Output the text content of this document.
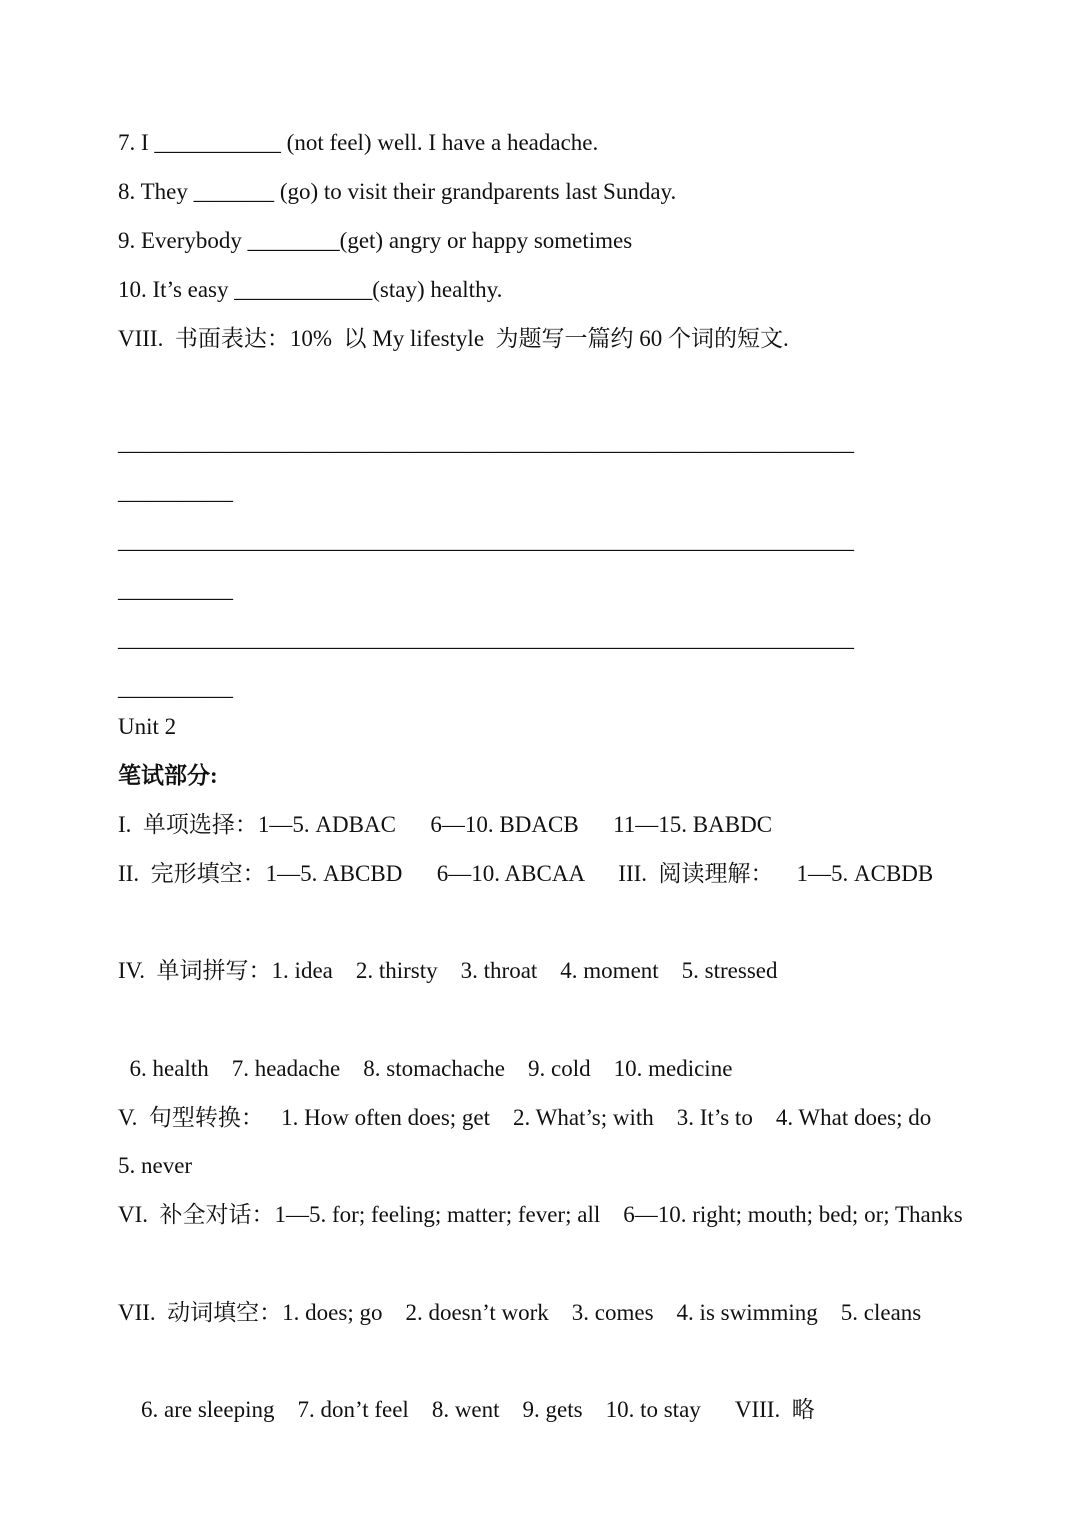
7. I ___________ (not feel) well. I have a headache.
8. They _______ (go) to visit their grandparents last Sunday.
9. Everybody ________(get) angry or happy sometimes
10. It’s easy ____________(stay) healthy.
VIII.  书面表达：10%  以 My lifestyle  为题写一篇约 60 个词的短文.
________________________________________________________________
__________
________________________________________________________________
__________
________________________________________________________________
__________
Unit 2
笔试部分:
I.  单项选择：1—5. ADBAC      6—10. BDACB      11—15. BABDC
II.  完形填空：1—5. ABCBD      6—10. ABCAA      III.  阅读理解：    1—5. ACBDB
IV.  单词拼写：1. idea    2. thirsty    3. throat    4. moment    5. stressed
6. health    7. headache    8. stomachache    9. cold    10. medicine
V.  句型转换：   1. How often does; get    2. What’s; with    3. It’s to    4. What does; do
5. never
VI.  补全对话：1—5. for; feeling; matter; fever; all    6—10. right; mouth; bed; or; Thanks
VII.  动词填空：1. does; go    2. doesn’t work    3. comes    4. is swimming    5. cleans
6. are sleeping    7. don’t feel    8. went    9. gets    10. to stay      VIII.  略
